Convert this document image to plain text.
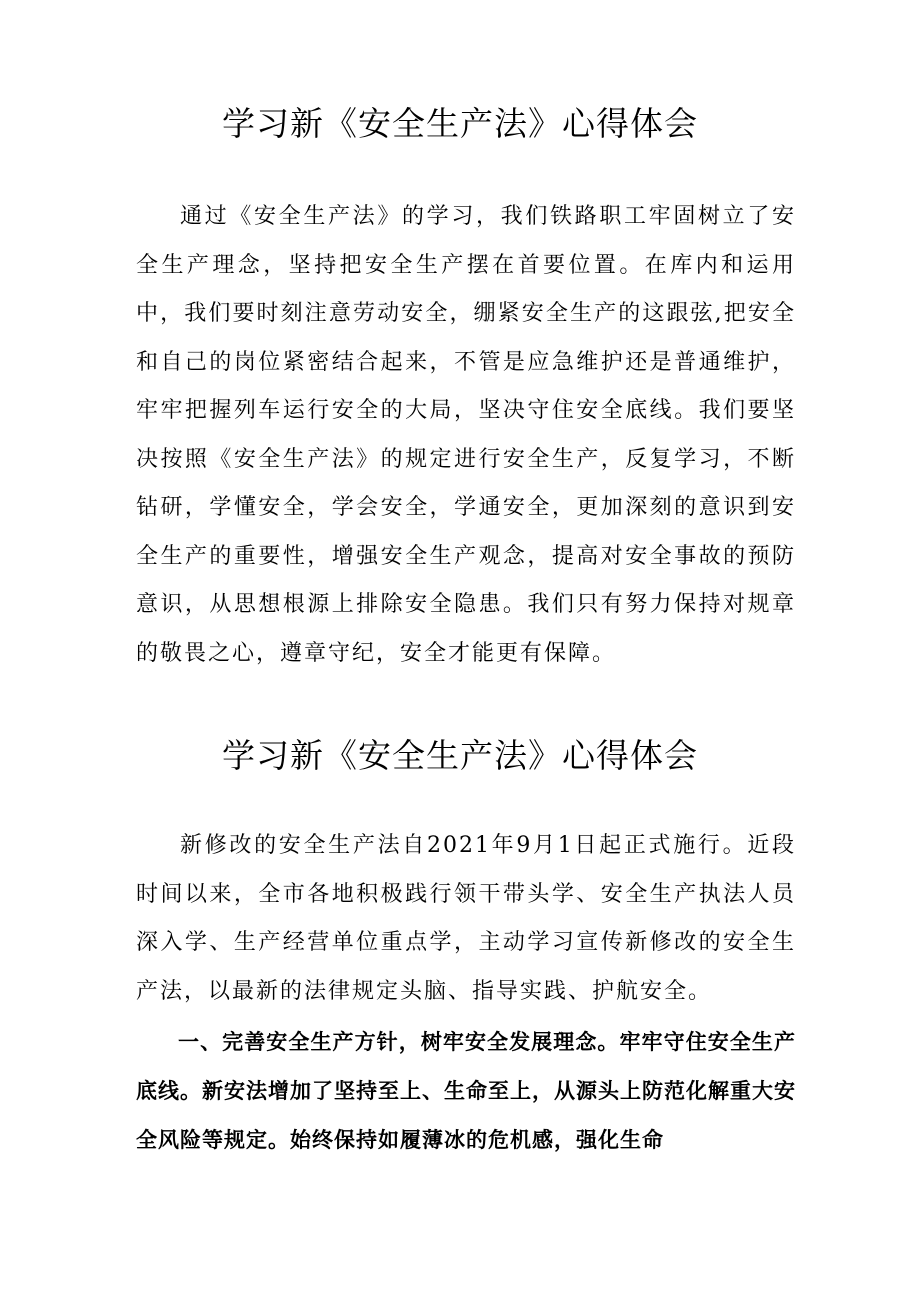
学习新《安全生产法》心得体会

通过《安全生产法》的学习，我们铁路职工牢固树立了安全生产理念，坚持把安全生产摆在首要位置。在库内和运用中，我们要时刻注意劳动安全，绷紧安全生产的这跟弦,把安全和自己的岗位紧密结合起来，不管是应急维护还是普通维护，牢牢把握列车运行安全的大局，坚决守住安全底线。我们要坚决按照《安全生产法》的规定进行安全生产，反复学习，不断钻研，学懂安全，学会安全，学通安全，更加深刻的意识到安全生产的重要性，增强安全生产观念，提高对安全事故的预防意识，从思想根源上排除安全隐患。我们只有努力保持对规章的敬畏之心，遵章守纪，安全才能更有保障。

学习新《安全生产法》心得体会

新修改的安全生产法自2021年9月1日起正式施行。近段时间以来，全市各地积极践行领干带头学、安全生产执法人员深入学、生产经营单位重点学，主动学习宣传新修改的安全生产法，以最新的法律规定头脑、指导实践、护航安全。

一、完善安全生产方针，树牢安全发展理念。牢牢守住安全生产底线。新安法增加了坚持至上、生命至上，从源头上防范化解重大安全风险等规定。始终保持如履薄冰的危机感，强化生命
